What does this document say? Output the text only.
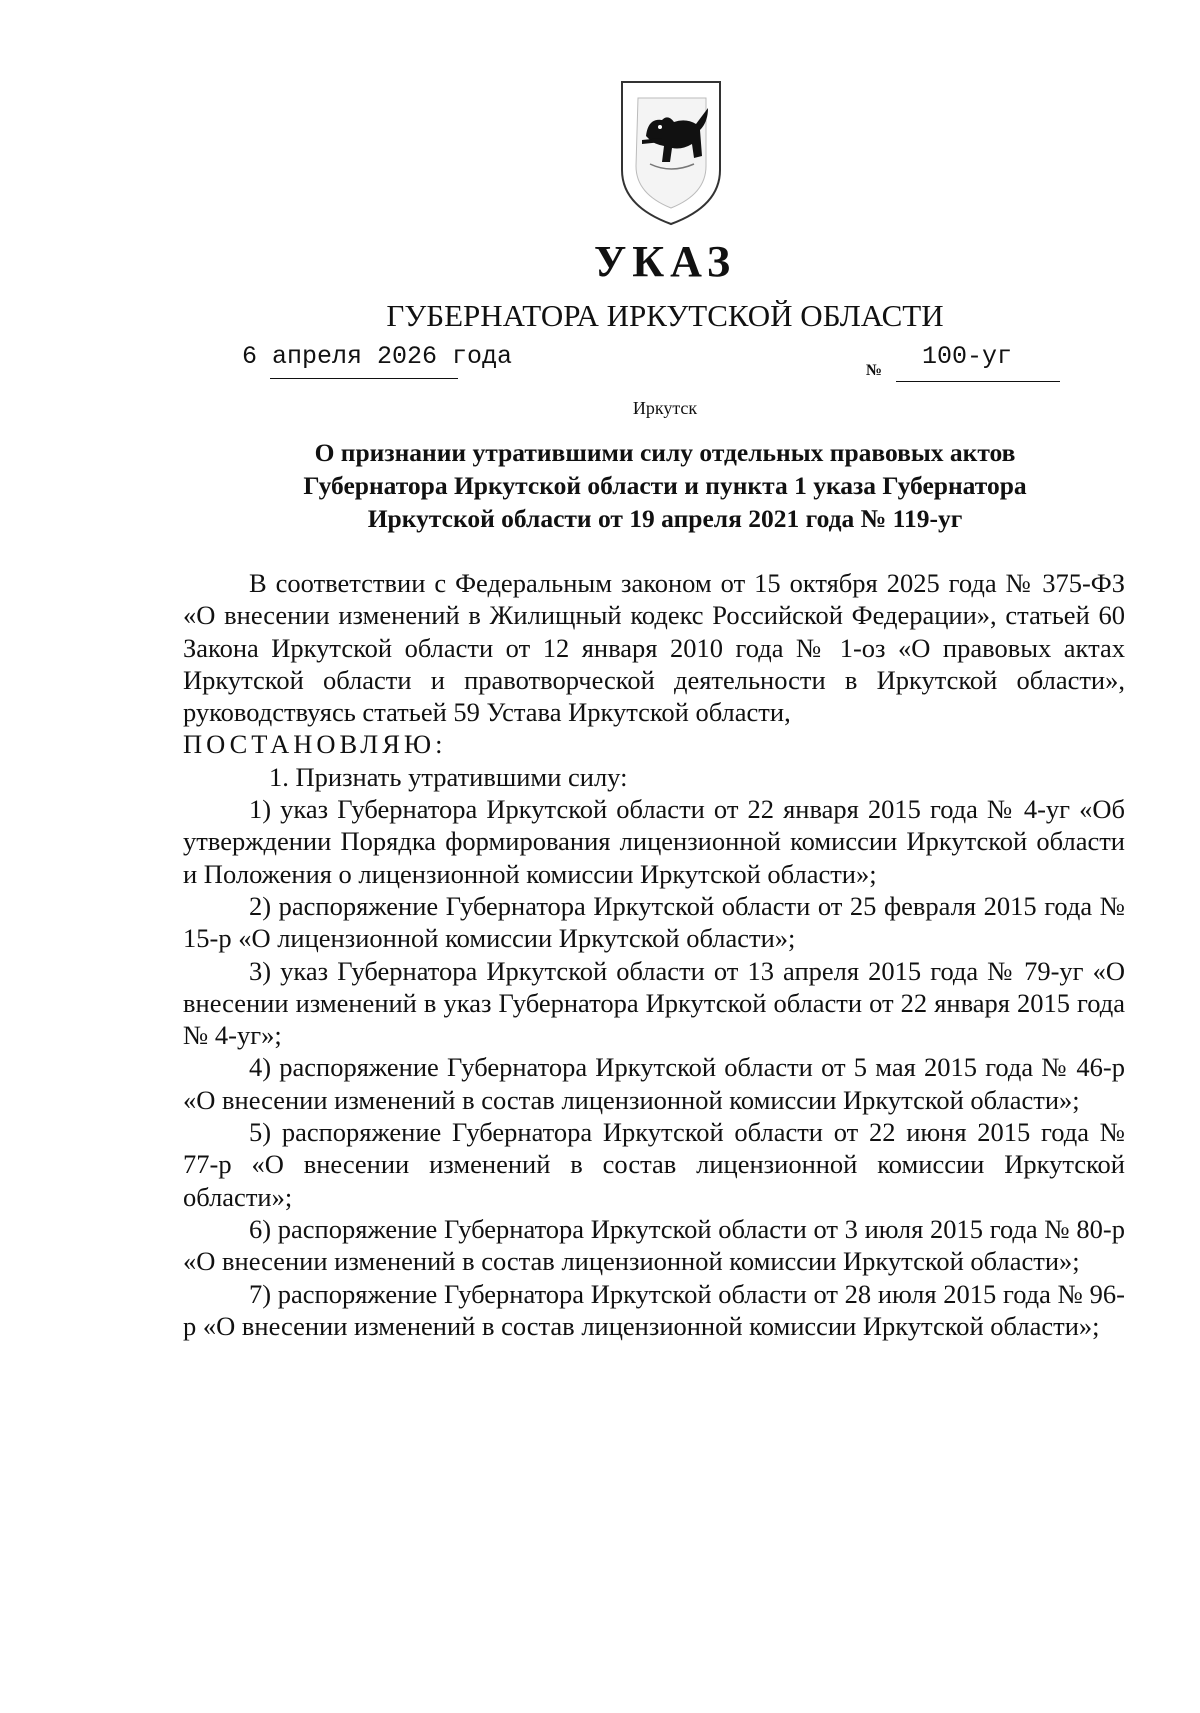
УКАЗ
ГУБЕРНАТОРА ИРКУТСКОЙ ОБЛАСТИ
6 апреля 2026 года	№ 100-уг
Иркутск
О признании утратившими силу отдельных правовых актов
Губернатора Иркутской области и пункта 1 указа Губернатора
Иркутской области от 19 апреля 2021 года № 119-уг

В соответствии с Федеральным законом от 15 октября 2025 года № 375-ФЗ «О внесении изменений в Жилищный кодекс Российской Федерации», статьей 60 Закона Иркутской области от 12 января 2010 года № 1-оз «О правовых актах Иркутской области и правотворческой деятельности в Иркутской области», руководствуясь статьей 59 Устава Иркутской области,

ПОСТАНОВЛЯЮ:

1. Признать утратившими силу:

1) указ Губернатора Иркутской области от 22 января 2015 года № 4-уг «Об утверждении Порядка формирования лицензионной комиссии Иркутской области и Положения о лицензионной комиссии Иркутской области»;

2) распоряжение Губернатора Иркутской области от 25 февраля 2015 года № 15-р «О лицензионной комиссии Иркутской области»;

3) указ Губернатора Иркутской области от 13 апреля 2015 года № 79-уг «О внесении изменений в указ Губернатора Иркутской области от 22 января 2015 года № 4-уг»;

4) распоряжение Губернатора Иркутской области от 5 мая 2015 года № 46-р «О внесении изменений в состав лицензионной комиссии Иркутской области»;

5) распоряжение Губернатора Иркутской области от 22 июня 2015 года № 77-р «О внесении изменений в состав лицензионной комиссии Иркутской области»;

6) распоряжение Губернатора Иркутской области от 3 июля 2015 года № 80-р «О внесении изменений в состав лицензионной комиссии Иркутской области»;

7) распоряжение Губернатора Иркутской области от 28 июля 2015 года № 96-р «О внесении изменений в состав лицензионной комиссии Иркутской области»;
